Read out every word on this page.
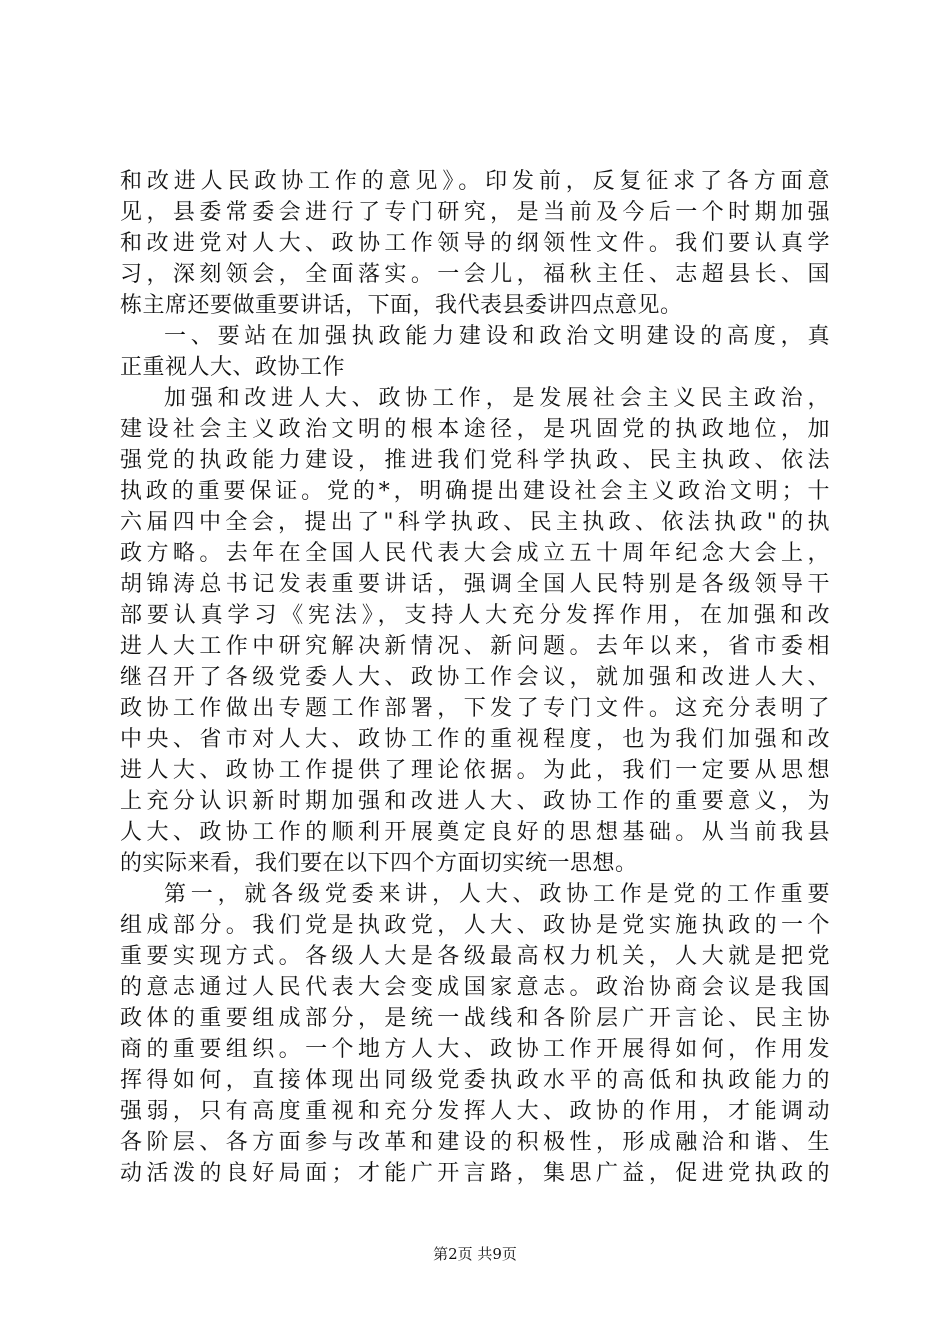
和改进人民政协工作的意见》。印发前，反复征求了各方面意
见，县委常委会进行了专门研究，是当前及今后一个时期加强
和改进党对人大、政协工作领导的纲领性文件。我们要认真学
习，深刻领会，全面落实。一会儿，福秋主任、志超县长、国
栋主席还要做重要讲话，下面，我代表县委讲四点意见。
一、要站在加强执政能力建设和政治文明建设的高度，真
正重视人大、政协工作
加强和改进人大、政协工作，是发展社会主义民主政治，
建设社会主义政治文明的根本途径，是巩固党的执政地位，加
强党的执政能力建设，推进我们党科学执政、民主执政、依法
执政的重要保证。党的*，明确提出建设社会主义政治文明；十
六届四中全会，提出了"科学执政、民主执政、依法执政"的执
政方略。去年在全国人民代表大会成立五十周年纪念大会上，
胡锦涛总书记发表重要讲话，强调全国人民特别是各级领导干
部要认真学习《宪法》，支持人大充分发挥作用，在加强和改
进人大工作中研究解决新情况、新问题。去年以来，省市委相
继召开了各级党委人大、政协工作会议，就加强和改进人大、
政协工作做出专题工作部署，下发了专门文件。这充分表明了
中央、省市对人大、政协工作的重视程度，也为我们加强和改
进人大、政协工作提供了理论依据。为此，我们一定要从思想
上充分认识新时期加强和改进人大、政协工作的重要意义，为
人大、政协工作的顺利开展奠定良好的思想基础。从当前我县
的实际来看，我们要在以下四个方面切实统一思想。
第一，就各级党委来讲，人大、政协工作是党的工作重要
组成部分。我们党是执政党，人大、政协是党实施执政的一个
重要实现方式。各级人大是各级最高权力机关，人大就是把党
的意志通过人民代表大会变成国家意志。政治协商会议是我国
政体的重要组成部分，是统一战线和各阶层广开言论、民主协
商的重要组织。一个地方人大、政协工作开展得如何，作用发
挥得如何，直接体现出同级党委执政水平的高低和执政能力的
强弱，只有高度重视和充分发挥人大、政协的作用，才能调动
各阶层、各方面参与改革和建设的积极性，形成融洽和谐、生
动活泼的良好局面；才能广开言路，集思广益，促进党执政的
第2页 共9页
